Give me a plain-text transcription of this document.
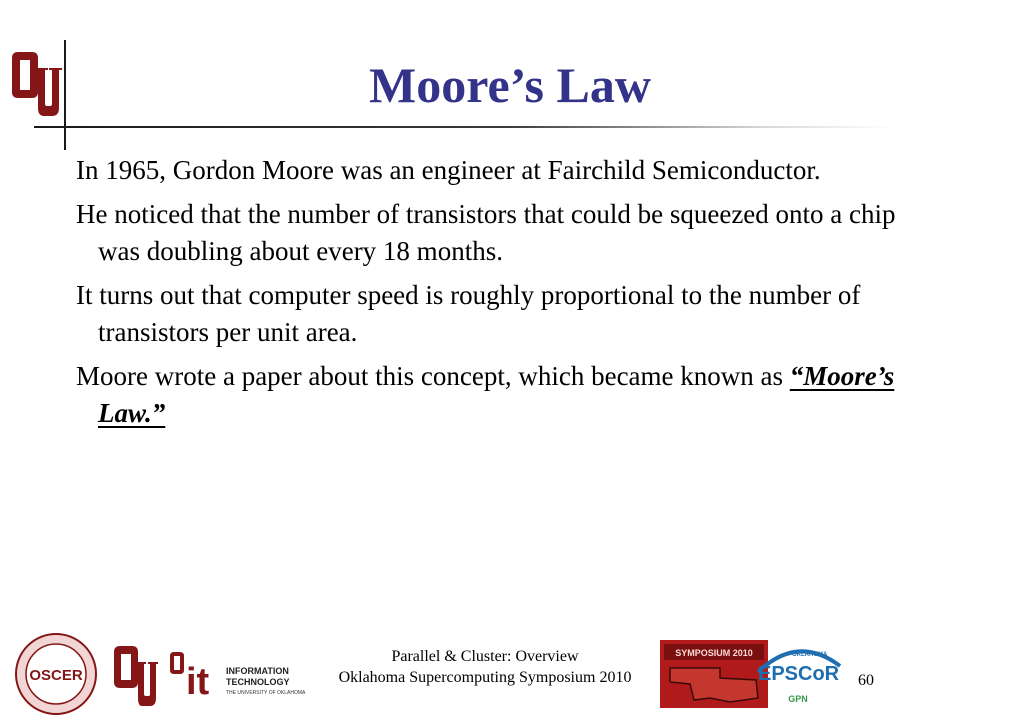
Moore’s Law

In 1965, Gordon Moore was an engineer at Fairchild Semiconductor.

He noticed that the number of transistors that could be squeezed onto a chip was doubling about every 18 months.

It turns out that computer speed is roughly proportional to the number of transistors per unit area.

Moore wrote a paper about this concept, which became known as “Moore’s Law.”

OSCER	it INFORMATION
TECHNOLOGY
THE UNIVERSITY OF OKLAHOMA
Parallel & Cluster: Overview
Oklahoma Supercomputing Symposium 2010
SYMPOSIUM 2010	OKLAHOMA
EPSCoR
GPN
60
